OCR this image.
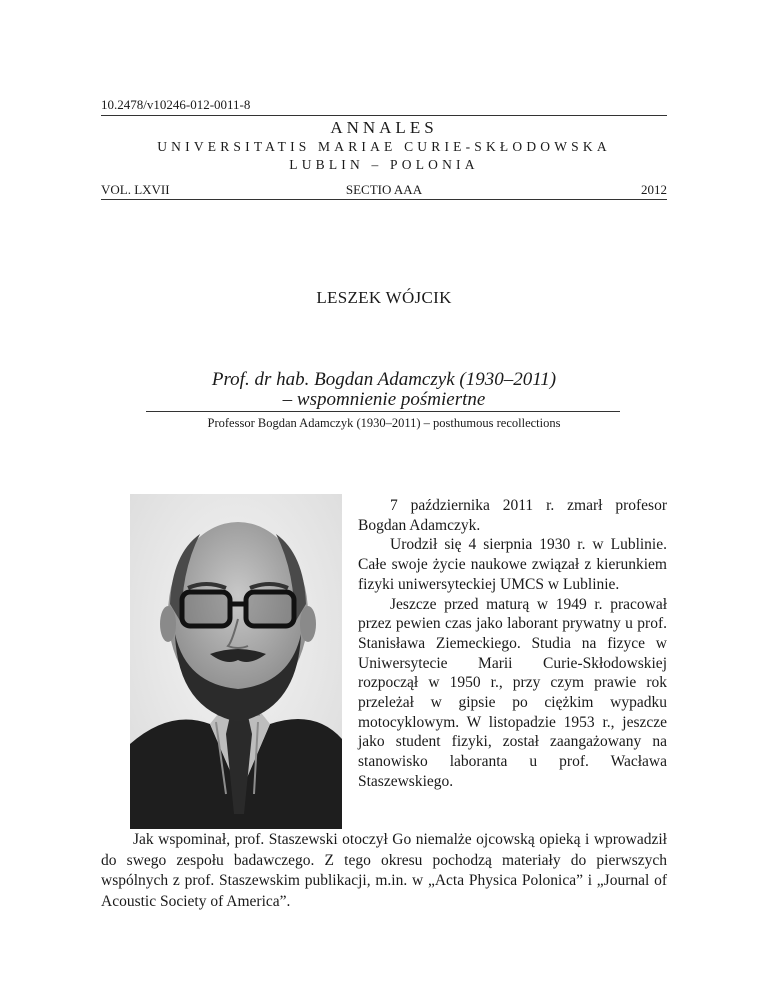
10.2478/v10246-012-0011-8
ANNALES
UNIVERSITATIS MARIAE CURIE-SKŁODOWSKA
LUBLIN – POLONIA
VOL. LXVII	SECTIO AAA	2012
LESZEK WÓJCIK
Prof. dr hab. Bogdan Adamczyk (1930–2011)
– wspomnienie pośmiertne
Professor Bogdan Adamczyk (1930–2011) – posthumous recollections

7 października 2011 r. zmarł profesor Bogdan Adamczyk.

Urodził się 4 sierpnia 1930 r. w Lublinie. Całe swoje życie naukowe związał z kierunkiem fizyki uniwersyteckiej UMCS w Lublinie.

Jeszcze przed maturą w 1949 r. pracował przez pewien czas jako laborant prywatny u prof. Stanisława Ziemeckiego. Studia na fizyce w Uniwersytecie Marii Curie-Skłodowskiej rozpoczął w 1950 r., przy czym prawie rok przeleżał w gipsie po ciężkim wypadku motocyklowym. W listopadzie 1953 r., jeszcze jako student fizyki, został zaangażowany na stanowisko laboranta u prof. Wacława Staszewskiego.

Jak wspominał, prof. Staszewski otoczył Go niemalże ojcowską opieką i wprowadził do swego zespołu badawczego. Z tego okresu pochodzą materiały do pierwszych wspólnych z prof. Staszewskim publikacji, m.in. w „Acta Physica Polonica” i „Journal of Acoustic Society of America”.
